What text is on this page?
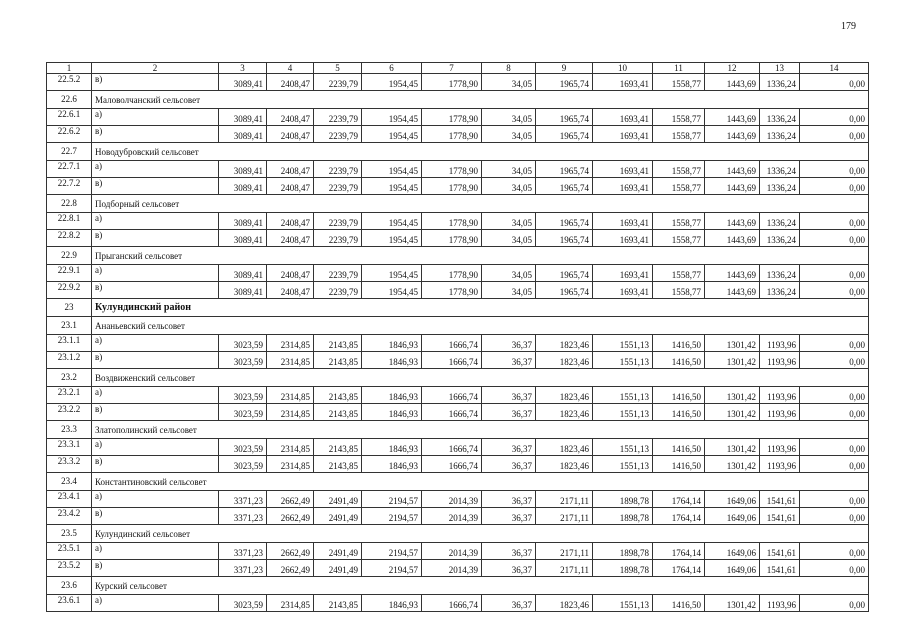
179
1	2	3	4	5	6	7	8	9	10	11	12	13	14
22.5.2	в)	3089,41	2408,47	2239,79	1954,45	1778,90	34,05	1965,74	1693,41	1558,77	1443,69	1336,24	0,00
22.6	Маловолчанский сельсовет												
22.6.1	а)	3089,41	2408,47	2239,79	1954,45	1778,90	34,05	1965,74	1693,41	1558,77	1443,69	1336,24	0,00
22.6.2	в)	3089,41	2408,47	2239,79	1954,45	1778,90	34,05	1965,74	1693,41	1558,77	1443,69	1336,24	0,00
22.7	Новодубровский сельсовет												
22.7.1	а)	3089,41	2408,47	2239,79	1954,45	1778,90	34,05	1965,74	1693,41	1558,77	1443,69	1336,24	0,00
22.7.2	в)	3089,41	2408,47	2239,79	1954,45	1778,90	34,05	1965,74	1693,41	1558,77	1443,69	1336,24	0,00
22.8	Подборный сельсовет												
22.8.1	а)	3089,41	2408,47	2239,79	1954,45	1778,90	34,05	1965,74	1693,41	1558,77	1443,69	1336,24	0,00
22.8.2	в)	3089,41	2408,47	2239,79	1954,45	1778,90	34,05	1965,74	1693,41	1558,77	1443,69	1336,24	0,00
22.9	Прыганский сельсовет												
22.9.1	а)	3089,41	2408,47	2239,79	1954,45	1778,90	34,05	1965,74	1693,41	1558,77	1443,69	1336,24	0,00
22.9.2	в)	3089,41	2408,47	2239,79	1954,45	1778,90	34,05	1965,74	1693,41	1558,77	1443,69	1336,24	0,00
23	Кулундинский район												
23.1	Ананьевский сельсовет												
23.1.1	а)	3023,59	2314,85	2143,85	1846,93	1666,74	36,37	1823,46	1551,13	1416,50	1301,42	1193,96	0,00
23.1.2	в)	3023,59	2314,85	2143,85	1846,93	1666,74	36,37	1823,46	1551,13	1416,50	1301,42	1193,96	0,00
23.2	Воздвиженский сельсовет												
23.2.1	а)	3023,59	2314,85	2143,85	1846,93	1666,74	36,37	1823,46	1551,13	1416,50	1301,42	1193,96	0,00
23.2.2	в)	3023,59	2314,85	2143,85	1846,93	1666,74	36,37	1823,46	1551,13	1416,50	1301,42	1193,96	0,00
23.3	Златополинский сельсовет												
23.3.1	а)	3023,59	2314,85	2143,85	1846,93	1666,74	36,37	1823,46	1551,13	1416,50	1301,42	1193,96	0,00
23.3.2	в)	3023,59	2314,85	2143,85	1846,93	1666,74	36,37	1823,46	1551,13	1416,50	1301,42	1193,96	0,00
23.4	Константиновский сельсовет												
23.4.1	а)	3371,23	2662,49	2491,49	2194,57	2014,39	36,37	2171,11	1898,78	1764,14	1649,06	1541,61	0,00
23.4.2	в)	3371,23	2662,49	2491,49	2194,57	2014,39	36,37	2171,11	1898,78	1764,14	1649,06	1541,61	0,00
23.5	Кулундинский сельсовет												
23.5.1	а)	3371,23	2662,49	2491,49	2194,57	2014,39	36,37	2171,11	1898,78	1764,14	1649,06	1541,61	0,00
23.5.2	в)	3371,23	2662,49	2491,49	2194,57	2014,39	36,37	2171,11	1898,78	1764,14	1649,06	1541,61	0,00
23.6	Курский сельсовет												
23.6.1	а)	3023,59	2314,85	2143,85	1846,93	1666,74	36,37	1823,46	1551,13	1416,50	1301,42	1193,96	0,00
